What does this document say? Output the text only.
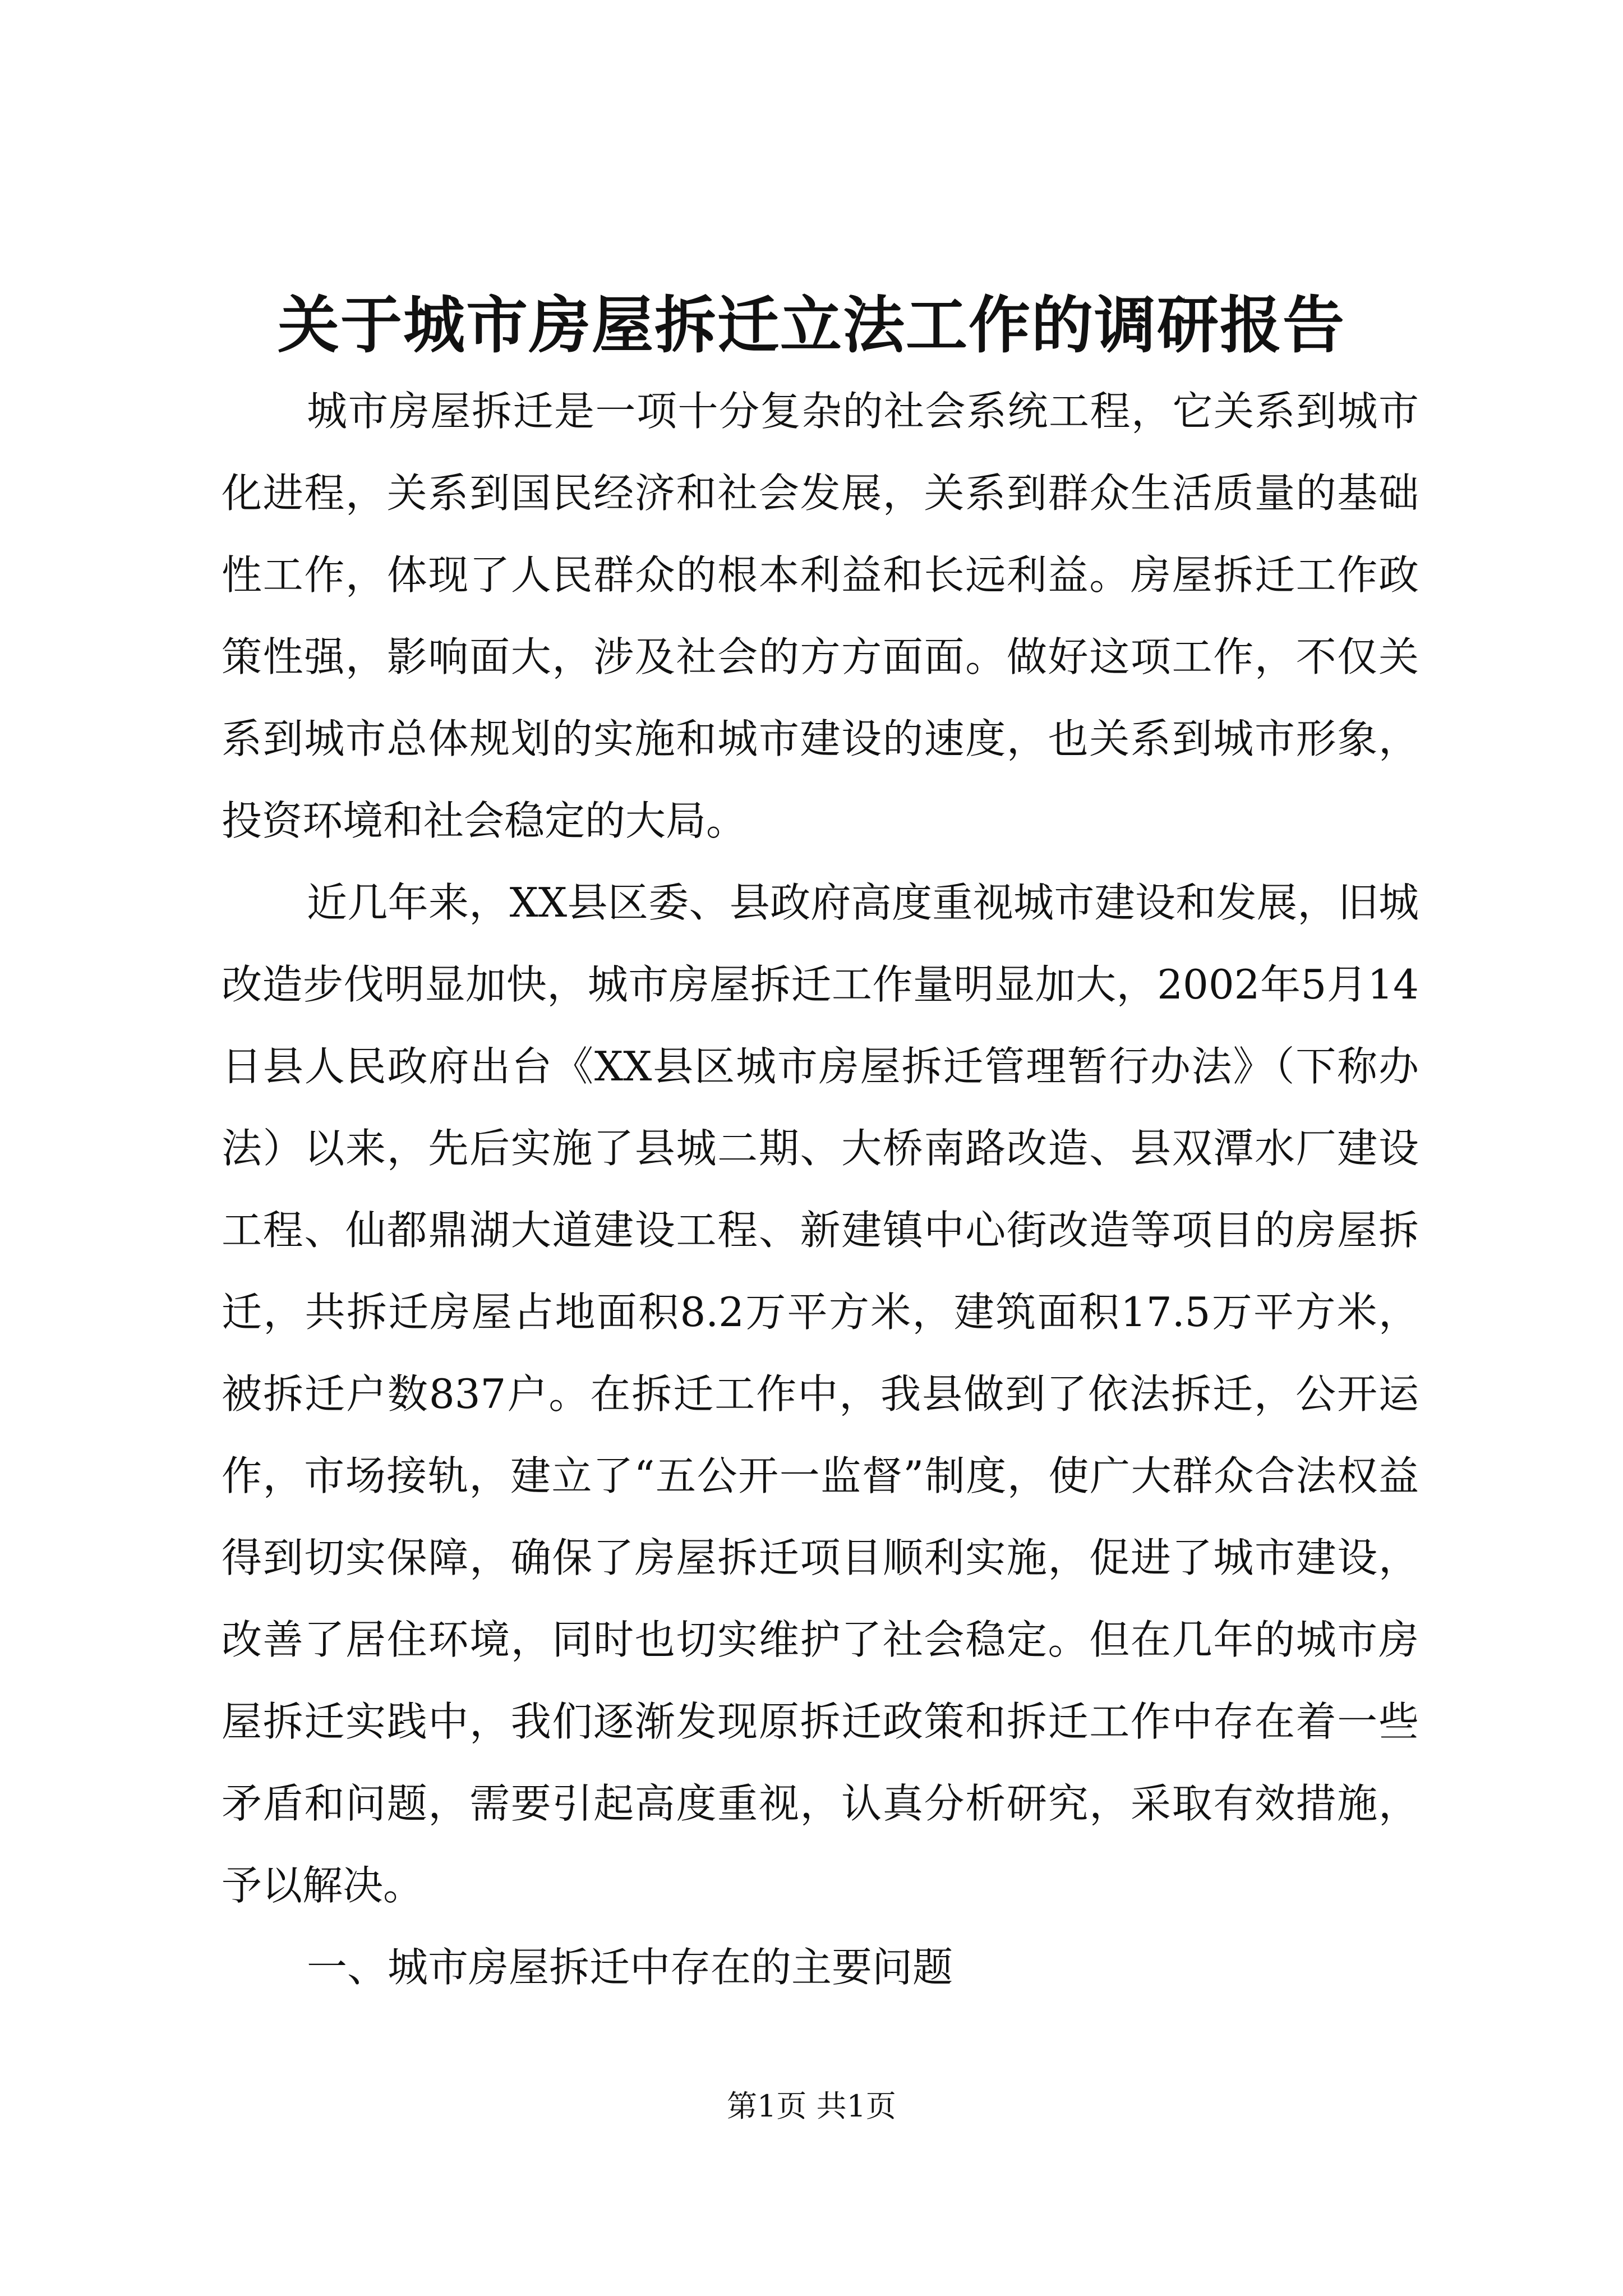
关于城市房屋拆迁立法工作的调研报告

城市房屋拆迁是一项十分复杂的社会系统工程，它关系到城市化进程，关系到国民经济和社会发展，关系到群众生活质量的基础性工作，体现了人民群众的根本利益和长远利益。房屋拆迁工作政策性强，影响面大，涉及社会的方方面面。做好这项工作，不仅关系到城市总体规划的实施和城市建设的速度，也关系到城市形象，投资环境和社会稳定的大局。

近几年来，XX县区委、县政府高度重视城市建设和发展，旧城改造步伐明显加快，城市房屋拆迁工作量明显加大，2002年5月14日县人民政府出台《XX县区城市房屋拆迁管理暂行办法》（下称办法）以来，先后实施了县城二期、大桥南路改造、县双潭水厂建设工程、仙都鼎湖大道建设工程、新建镇中心街改造等项目的房屋拆迁，共拆迁房屋占地面积8.2万平方米，建筑面积17.5万平方米，被拆迁户数837户。在拆迁工作中，我县做到了依法拆迁，公开运作，市场接轨，建立了“五公开一监督”制度，使广大群众合法权益得到切实保障，确保了房屋拆迁项目顺利实施，促进了城市建设，改善了居住环境，同时也切实维护了社会稳定。但在几年的城市房屋拆迁实践中，我们逐渐发现原拆迁政策和拆迁工作中存在着一些矛盾和问题，需要引起高度重视，认真分析研究，采取有效措施，予以解决。

一、城市房屋拆迁中存在的主要问题

第1页 共1页
